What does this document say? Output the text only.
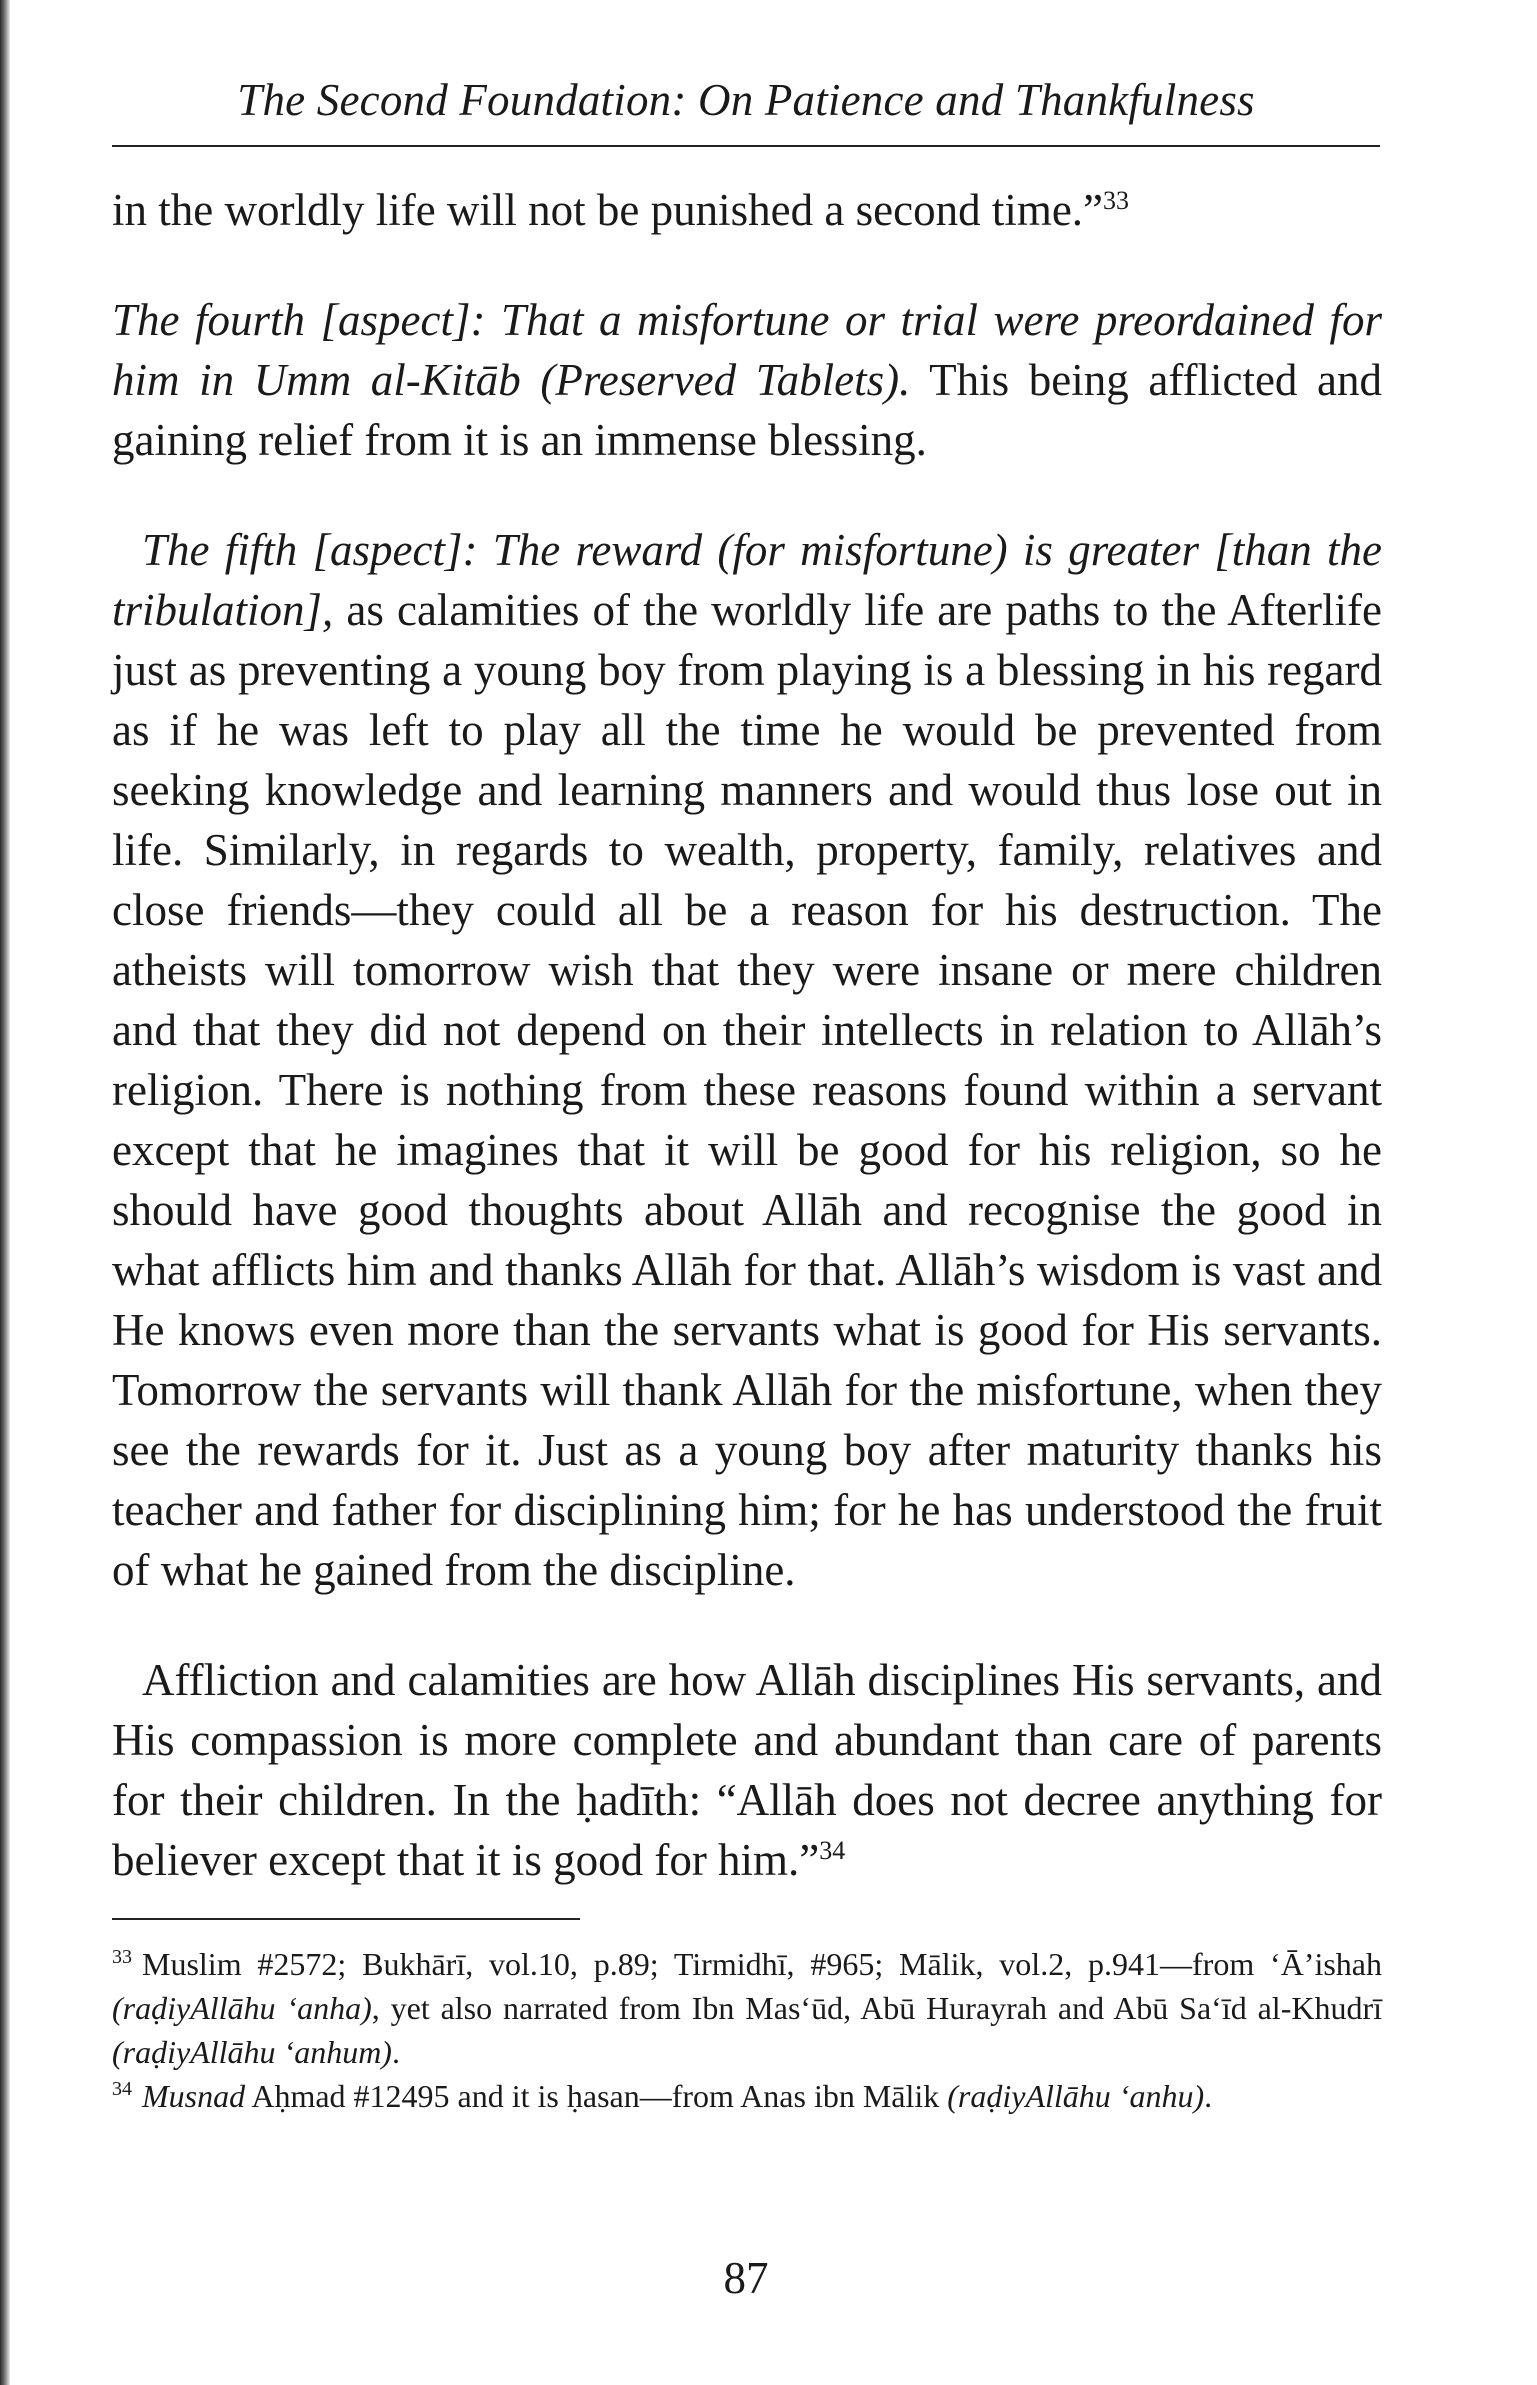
The Second Foundation: On Patience and Thankfulness

in the worldly life will not be punished a second time.”$^{33}$

The fourth [aspect]: That a misfortune or trial were preordained for him in Umm al-Kitāb (Preserved Tablets). This being afflicted and gaining relief from it is an immense blessing.

The fifth [aspect]: The reward (for misfortune) is greater [than the tribulation], as calamities of the worldly life are paths to the Afterlife just as preventing a young boy from playing is a blessing in his regard as if he was left to play all the time he would be prevented from seeking knowledge and learning manners and would thus lose out in life. Similarly, in regards to wealth, property, family, relatives and close friends—they could all be a reason for his destruction. The atheists will tomorrow wish that they were insane or mere children and that they did not depend on their intellects in relation to Allāh’s religion. There is nothing from these reasons found within a servant except that he imagines that it will be good for his religion, so he should have good thoughts about Allāh and recognise the good in what afflicts him and thanks Allāh for that. Allāh’s wisdom is vast and He knows even more than the servants what is good for His servants. Tomorrow the servants will thank Allāh for the misfortune, when they see the rewards for it. Just as a young boy after maturity thanks his teacher and father for disciplining him; for he has understood the fruit of what he gained from the discipline.

Affliction and calamities are how Allāh disciplines His servants, and His compassion is more complete and abundant than care of parents for their children. In the ḥadīth: “Allāh does not decree anything for believer except that it is good for him.”$^{34}$

$^{33}$ Muslim #2572; Bukhārī, vol.10, p.89; Tirmidhī, #965; Mālik, vol.2, p.941—from ‘Ā’ishah (raḍiyAllāhu ‘anha), yet also narrated from Ibn Mas‘ūd, Abū Hurayrah and Abū Sa‘īd al-Khudrī (raḍiyAllāhu ‘anhum).

$^{34}$ Musnad Aḥmad #12495 and it is ḥasan—from Anas ibn Mālik (raḍiyAllāhu ‘anhu).

87
